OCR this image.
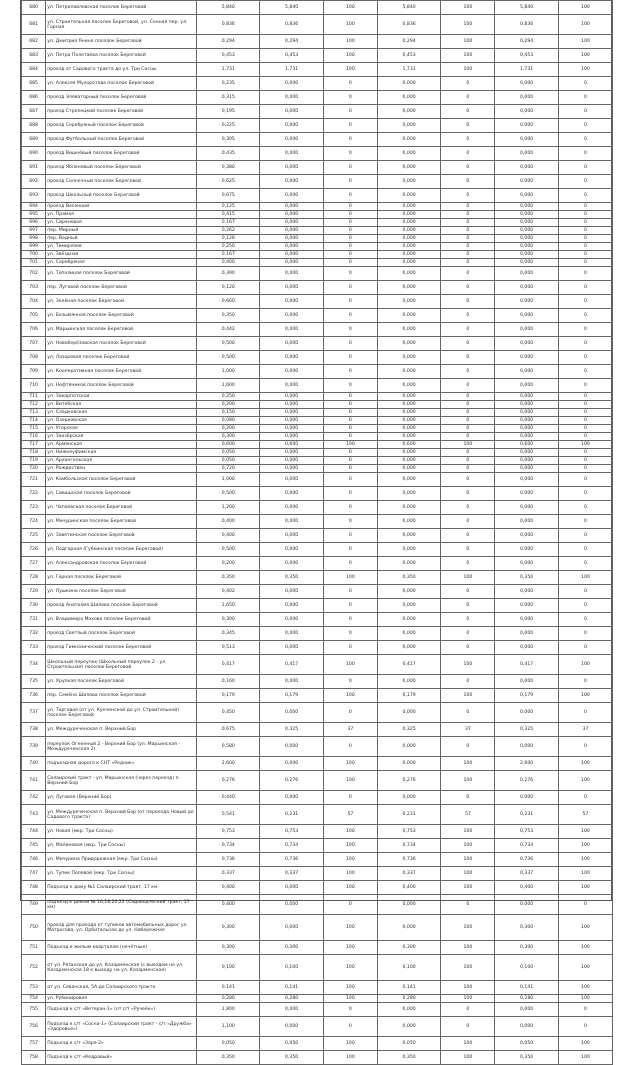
680	ул. Петропавловская поселок Береговой	5,840	5,840	100	5,840	100	5,840	100
681	ул. Строительная поселок Береговой, ул. Сенная пер. ул. Горная	0,836	0,836	100	0,836	100	0,836	100
682	ул. Дмитрия Янина поселок Береговой	0,294	0,294	100	0,294	100	0,294	100
683	ул. Петра Полетаева поселок Береговой	0,453	0,453	100	0,453	100	0,453	100
684	проезд от Садового тракта до ул. Три Сосны	1,731	1,731	100	1,731	100	1,731	100
685	ул. Алексея Мухоротова поселок Береговой	0,235	0,000	0	0,000	0	0,000	0
686	проезд Элеваторный поселок Береговой	0,315	0,000	0	0,000	0	0,000	0
687	проезд Стрелецкий поселок Береговой	0,195	0,000	0	0,000	0	0,000	0
688	проезд Серебряный поселок Береговой	0,225	0,000	0	0,000	0	0,000	0
689	проезд Футбольный поселок Береговой	0,305	0,000	0	0,000	0	0,000	0
690	проезд Вишнёвый поселок Береговой	0,435	0,000	0	0,000	0	0,000	0
691	проезд Яблоневый поселок Береговой	0,380	0,000	0	0,000	0	0,000	0
692	проезд Солнечный поселок Береговой	0,625	0,000	0	0,000	0	0,000	0
693	проезд Школьный поселок Береговой	0,675	0,000	0	0,000	0	0,000	0
694	проезд Весенний	0,125	0,000	0	0,000	0	0,000	0
695	ул. Прямая	0,415	0,000	0	0,000	0	0,000	0
696	ул. Сиреневая	0,167	0,000	0	0,000	0	0,000	0
697	пер. Мирный	0,262	0,000	0	0,000	0	0,000	0
698	пер. Водный	0,128	0,000	0	0,000	0	0,000	0
699	ул. Тимирязев	0,250	0,000	0	0,000	0	0,000	0
700	ул. Звёздная	0,167	0,000	0	0,000	0	0,000	0
701	ул. Серебряная	0,400	0,000	0	0,000	0	0,000	0
702	ул. Тополиная поселок Береговой	0,390	0,000	0	0,000	0	0,000	0
703	пер. Луговой поселок Береговой	0,120	0,000	0	0,000	0	0,000	0
704	ул. Зелёная поселок Береговой	0,660	0,000	0	0,000	0	0,000	0
705	ул. Безымянная поселок Береговой	0,350	0,000	0	0,000	0	0,000	0
706	ул. Марьинская поселок Береговой	0,442	0,000	0	0,000	0	0,000	0
707	ул. Новоберёзовская поселок Береговой	0,500	0,000	0	0,000	0	0,000	0
708	ул. Лазоревая поселок Береговой	0,500	0,000	0	0,000	0	0,000	0
709	ул. Кооперативная поселок Береговой	1,000	0,000	0	0,000	0	0,000	0
710	ул. Нефтяников поселок Береговой	1,600	0,000	0	0,000	0	0,000	0
711	ул. Закарпатская	0,250	0,000	0	0,000	0	0,000	0
712	ул. Витебская	0,200	0,000	0	0,000	0	0,000	0
713	ул. Сладковская	0,150	0,000	0	0,000	0	0,000	0
714	ул. Озерковская	0,080	0,000	0	0,000	0	0,000	0
715	ул. Угорская	0,200	0,000	0	0,000	0	0,000	0
716	ул. Заозёрская	0,300	0,000	0	0,000	0	0,000	0
717	ул. Армянская	0,600	0,600	100	0,600	100	0,600	100
718	ул. Нижнеуфимская	0,050	0,000	0	0,000	0	0,000	0
719	ул. Архангельская	0,050	0,000	0	0,000	0	0,000	0
720	ул. Рождествен	0,720	0,000	0	0,000	0	0,000	0
721	ул. Камбольская поселок Береговой	1,000	0,000	0	0,000	0	0,000	0
722	ул. Сивашская поселок Береговой	0,500	0,000	0	0,000	0	0,000	0
723	ул. Чапаевская поселок Береговой	1,200	0,000	0	0,000	0	0,000	0
724	ул. Мичуринская поселок Береговой	0,400	0,000	0	0,000	0	0,000	0
725	ул. Заветинская поселок Береговой	0,400	0,000	0	0,000	0	0,000	0
726	ул. Подгорная (Губкинская поселок Береговой)	0,500	0,000	0	0,000	0	0,000	0
727	ул. Александровская поселок Береговой	0,200	0,000	0	0,000	0	0,000	0
728	ул. Горная поселок Береговой	0,350	0,350	100	0,350	100	0,350	100
729	ул. Пушкина поселок Береговой	0,402	0,000	0	0,000	0	0,000	0
730	проезд Анатолия Шилова поселок Береговой	1,650	0,000	0	0,000	0	0,000	0
731	ул. Владимира Махова поселок Береговой	0,300	0,000	0	0,000	0	0,000	0
732	проезд Светлый поселок Береговой	0,345	0,000	0	0,000	0	0,000	0
733	проезд Гимназический поселок Береговой	0,513	0,000	0	0,000	0	0,000	0
734	Школьный переулок (Школьный переулок 2 - ул. Строительная) поселок Береговой	0,417	0,417	100	0,417	100	0,417	100
735	ул. Хрупкая поселок Береговой	0,160	0,000	0	0,000	0	0,000	0
736	пер. Семёна Шилова поселок Береговой	0,179	0,179	100	0,179	100	0,179	100
737	ул. Торговая (от ул. Кунченской до ул. Строительной) поселок Береговой	0,450	0,000	0	0,000	0	0,000	0
738	ул. Междуреченская п. Верхний Бор	0,675	0,325	37	0,325	37	0,325	37
739	переулок Огненный 2 - Верхний Бор (ул. Марьинская - Междуреченская 2)	0,580	0,000	0	0,000	0	0,000	0
740	подъездная дорога к СНТ «Родник»	2,600	0,000	100	0,000	100	2,600	100
741	Салаирский тракт - ул. Марьинская (через переезд) п. Верхний Бор	0,276	0,276	100	0,276	100	0,276	100
742	ул. Луговая (Верхний Бор)	0,440	0,000	0	0,000	0	0,000	0
743	ул. Междуреченская п. Верхний Бор (от переезда Новый до Садового тракта)	0,541	0,231	57	0,231	57	0,231	57
744	ул. Новая (мкр. Три Сосны)	0,753	0,753	100	0,753	100	0,753	100
745	ул. Малиновая (мкр. Три Сосны)	0,734	0,734	100	0,734	100	0,734	100
746	ул. Мичурина Придорожная (мкр. Три Сосны)	0,736	0,736	100	0,736	100	0,736	100
747	ул. Тупик Полевой (мкр. Три Сосны)	0,337	0,337	100	0,337	100	0,337	100
748	Подъезд к дому №1 Салаирский тракт, 17 км	0,400	0,000	100	0,400	100	0,400	100
749	подъезд к домам № 16,18,20,22 (Садоводческий тракт, 17 км)	0,400	0,000	0	0,000	0	0,000	0
750	проезд для проезда от тупиков автомобильных дорог ул. Матросова, ул. Орбитальная до ул. Набережная	0,300	0,000	100	0,000	100	0,300	100
751	Подъезд к жилым кварталам (нечётные)	0,300	0,300	100	0,300	100	0,300	100
752	от ул. Рязанская до ул. Казарменская (с выездом на ул. Казарменская 18 к выходу на ул. Казарменская)	0,100	0,100	100	0,100	100	0,100	100
753	от ул. Севанская, 5А до Салаирского тракта	0,141	0,141	100	0,141	100	0,141	100
754	ул. Рубинировая	0,280	0,280	100	0,280	100	0,280	100
755	Подъезд к с/т «Ветеран-1» (от с/т «Ручеёк»)	1,800	0,000	0	0,000	0	0,000	0
756	Подъезд к с/т «Сосна-1» (Салаирский тракт - с/т «Дружба» «Здоровье»)	1,100	0,000	0	0,000	0	0,000	0
757	Подъезд к с/т «Заря-2»	0,050	0,050	100	0,050	100	0,050	100
758	Подъезд к с/т «Кедровый»	0,350	0,350	100	0,350	100	0,350	100
